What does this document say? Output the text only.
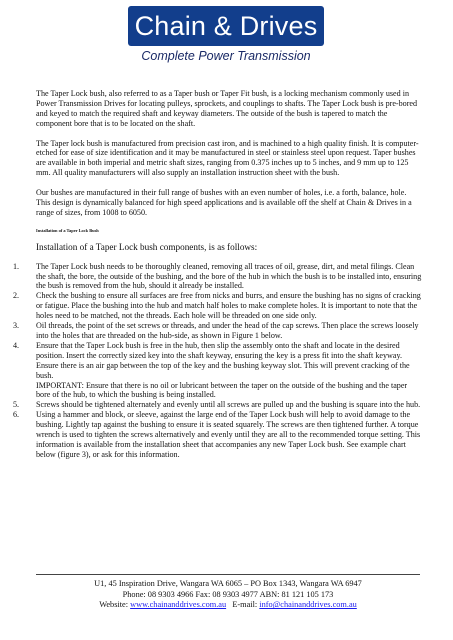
Chain & Drives
Complete Power Transmission

The Taper Lock bush, also referred to as a Taper bush or Taper Fit bush, is a locking mechanism commonly used in Power Transmission Drives for locating pulleys, sprockets, and couplings to shafts. The Taper Lock bush is pre-bored and keyed to match the required shaft and keyway diameters. The outside of the bush is tapered to match the component bore that is to be located on the shaft.

The Taper lock bush is manufactured from precision cast iron, and is machined to a high quality finish. It is computer-etched for ease of size identification and it may be manufactured in steel or stainless steel upon request. Taper bushes are available in both imperial and metric shaft sizes, ranging from 0.375 inches up to 5 inches, and 9 mm up to 125 mm. All quality manufacturers will also supply an installation instruction sheet with the bush.

Our bushes are manufactured in their full range of bushes with an even number of holes, i.e. a forth, balance, hole. This design is dynamically balanced for high speed applications and is available off the shelf at Chain & Drives in a range of sizes, from 1008 to 6050.

Installation of a Taper Lock Bush

Installation of a Taper Lock bush components, is as follows:

1. The Taper Lock bush needs to be thoroughly cleaned, removing all traces of oil, grease, dirt, and metal filings. Clean the shaft, the bore, the outside of the bushing, and the bore of the hub in which the bush is to be installed into, ensuring the bush is removed from the hub, should it already be installed.
2. Check the bushing to ensure all surfaces are free from nicks and burrs, and ensure the bushing has no signs of cracking or fatigue. Place the bushing into the hub and match half holes to make complete holes. It is important to note that the holes need to be matched, not the threads. Each hole will be threaded on one side only.
3. Oil threads, the point of the set screws or threads, and under the head of the cap screws. Then place the screws loosely into the holes that are threaded on the hub-side, as shown in Figure 1 below.
4. Ensure that the Taper Lock bush is free in the hub, then slip the assembly onto the shaft and locate in the desired position. Insert the correctly sized key into the shaft keyway, ensuring the key is a press fit into the shaft keyway. Ensure there is an air gap between the top of the key and the bushing keyway slot. This will prevent cracking of the bush.
IMPORTANT: Ensure that there is no oil or lubricant between the taper on the outside of the bushing and the taper bore of the hub, to which the bushing is being installed.
5. Screws should be tightened alternately and evenly until all screws are pulled up and the bushing is square into the hub.
6. Using a hammer and block, or sleeve, against the large end of the Taper Lock bush will help to avoid damage to the bushing. Lightly tap against the bushing to ensure it is seated squarely. The screws are then tightened further. A torque wrench is used to tighten the screws alternatively and evenly until they are all to the recommended torque setting. This information is available from the installation sheet that accompanies any new Taper Lock bush. See example chart below (figure 3), or ask for this information.
U1, 45 Inspiration Drive, Wangara WA 6065 – PO Box 1343, Wangara WA 6947
Phone: 08 9303 4966 Fax: 08 9303 4977 ABN: 81 121 105 173
Website: www.chainanddrives.com.au   E-mail: info@chainanddrives.com.au
